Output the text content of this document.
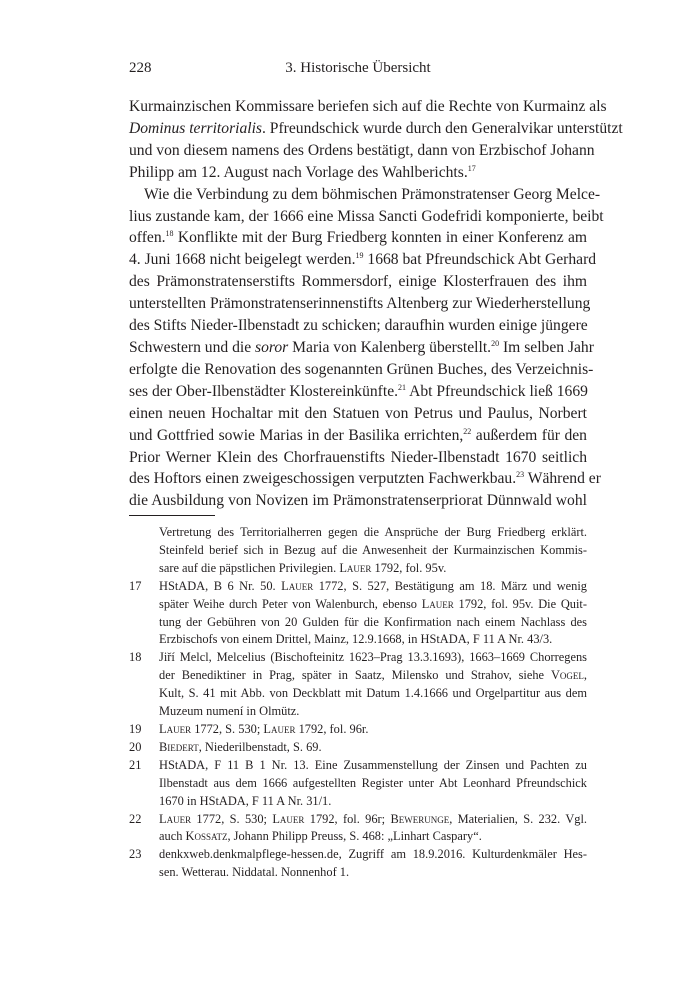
228	3. Historische Übersicht
Kurmainzischen Kommissare beriefen sich auf die Rechte von Kurmainz als
Dominus territorialis. Pfreundschick wurde durch den Generalvikar unterstützt
und von diesem namens des Ordens bestätigt, dann von Erzbischof Johann
Philipp am 12. August nach Vorlage des Wahlberichts.$^{17}$
Wie die Verbindung zu dem böhmischen Prämonstratenser Georg Melce-
lius zustande kam, der 1666 eine Missa Sancti Godefridi komponierte, beibt
offen.$^{18}$ Konflikte mit der Burg Friedberg konnten in einer Konferenz am
4. Juni 1668 nicht beigelegt werden.$^{19}$ 1668 bat Pfreundschick Abt Gerhard
des Prämonstratenserstifts Rommersdorf, einige Klosterfrauen des ihm
unterstellten Prämonstratenserinnenstifts Altenberg zur Wiederherstellung
des Stifts Nieder-Ilbenstadt zu schicken; daraufhin wurden einige jüngere
Schwestern und die soror Maria von Kalenberg überstellt.$^{20}$ Im selben Jahr
erfolgte die Renovation des sogenannten Grünen Buches, des Verzeichnis-
ses der Ober-Ilbenstädter Klostereinkünfte.$^{21}$ Abt Pfreundschick ließ 1669
einen neuen Hochaltar mit den Statuen von Petrus und Paulus, Norbert
und Gottfried sowie Marias in der Basilika errichten,$^{22}$ außerdem für den
Prior Werner Klein des Chorfrauenstifts Nieder-Ilbenstadt 1670 seitlich
des Hoftors einen zweigeschossigen verputzten Fachwerkbau.$^{23}$ Während er
die Ausbildung von Novizen im Prämonstratenserpriorat Dünnwald wohl
Vertretung des Territorialherren gegen die Ansprüche der Burg Friedberg erklärt.
Steinfeld berief sich in Bezug auf die Anwesenheit der Kurmainzischen Kommis-
sare auf die päpstlichen Privilegien. Lauer 1792, fol. 95v.
17 HStADA, B 6 Nr. 50. Lauer 1772, S. 527, Bestätigung am 18. März und wenig
später Weihe durch Peter von Walenburch, ebenso Lauer 1792, fol. 95v. Die Quit-
tung der Gebühren von 20 Gulden für die Konfirmation nach einem Nachlass des
Erzbischofs von einem Drittel, Mainz, 12.9.1668, in HStADA, F 11 A Nr. 43/3.
18 Jiří Melcl, Melcelius (Bischofteinitz 1623–Prag 13.3.1693), 1663–1669 Chorregens
der Benediktiner in Prag, später in Saatz, Milensko und Strahov, siehe Vogel,
Kult, S. 41 mit Abb. von Deckblatt mit Datum 1.4.1666 und Orgelpartitur aus dem
Muzeum numení in Olmütz.
19 Lauer 1772, S. 530; Lauer 1792, fol. 96r.
20 Biedert, Niederilbenstadt, S. 69.
21 HStADA, F 11 B 1 Nr. 13. Eine Zusammenstellung der Zinsen und Pachten zu
Ilbenstadt aus dem 1666 aufgestellten Register unter Abt Leonhard Pfreundschick
1670 in HStADA, F 11 A Nr. 31/1.
22 Lauer 1772, S. 530; Lauer 1792, fol. 96r; Bewerunge, Materialien, S. 232. Vgl.
auch Kossatz, Johann Philipp Preuss, S. 468: „Linhart Caspary“.
23 denkxweb.denkmalpflege-hessen.de, Zugriff am 18.9.2016. Kulturdenkmäler Hes-
sen. Wetterau. Niddatal. Nonnenhof 1.
